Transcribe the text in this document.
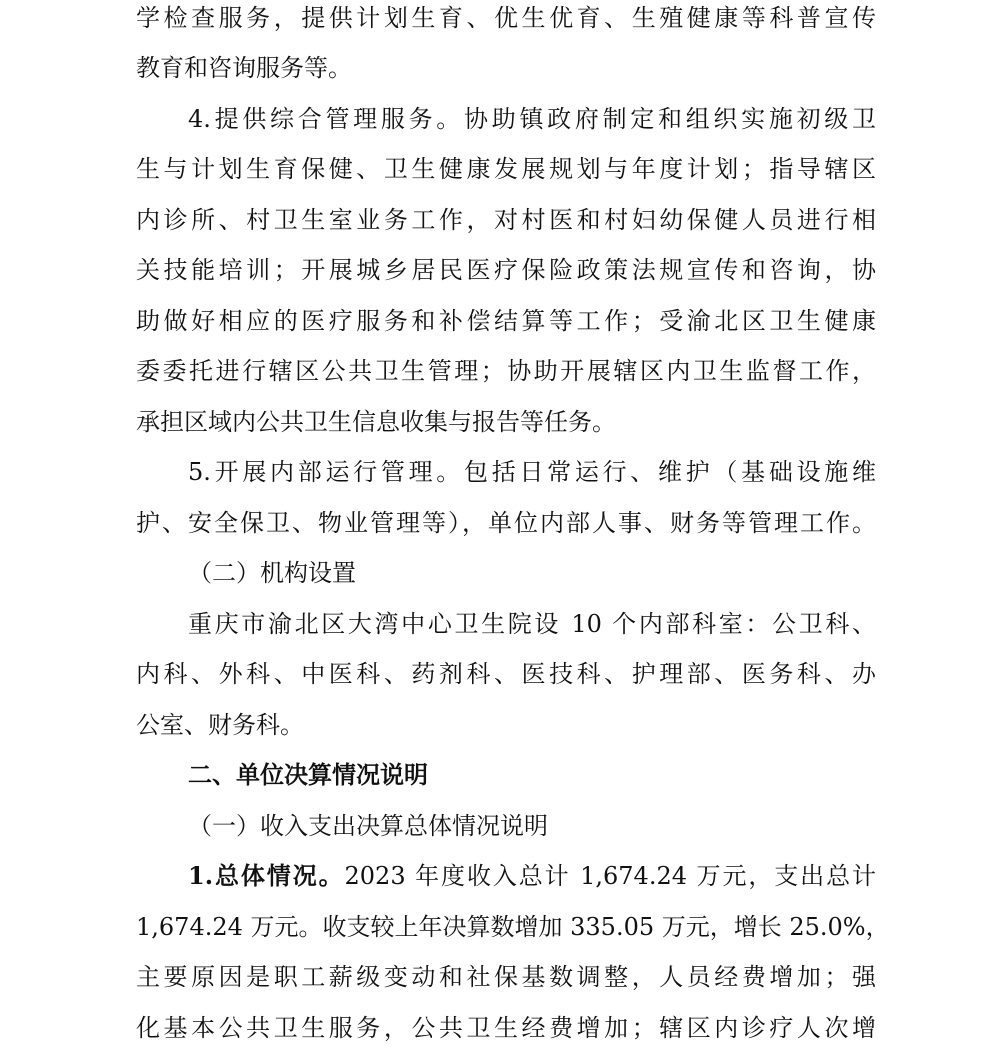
学检查服务，提供计划生育、优生优育、生殖健康等科普宣传
教育和咨询服务等。
4.提供综合管理服务。协助镇政府制定和组织实施初级卫
生与计划生育保健、卫生健康发展规划与年度计划；指导辖区
内诊所、村卫生室业务工作，对村医和村妇幼保健人员进行相
关技能培训；开展城乡居民医疗保险政策法规宣传和咨询，协
助做好相应的医疗服务和补偿结算等工作；受渝北区卫生健康
委委托进行辖区公共卫生管理；协助开展辖区内卫生监督工作，
承担区域内公共卫生信息收集与报告等任务。
5.开展内部运行管理。包括日常运行、维护（基础设施维
护、安全保卫、物业管理等），单位内部人事、财务等管理工作。
（二）机构设置
重庆市渝北区大湾中心卫生院设 10 个内部科室：公卫科、
内科、外科、中医科、药剂科、医技科、护理部、医务科、办
公室、财务科。
二、单位决算情况说明
（一）收入支出决算总体情况说明
1.总体情况。2023 年度收入总计 1,674.24 万元，支出总计
1,674.24 万元。收支较上年决算数增加 335.05 万元，增长 25.0%，
主要原因是职工薪级变动和社保基数调整，人员经费增加；强
化基本公共卫生服务，公共卫生经费增加；辖区内诊疗人次增
